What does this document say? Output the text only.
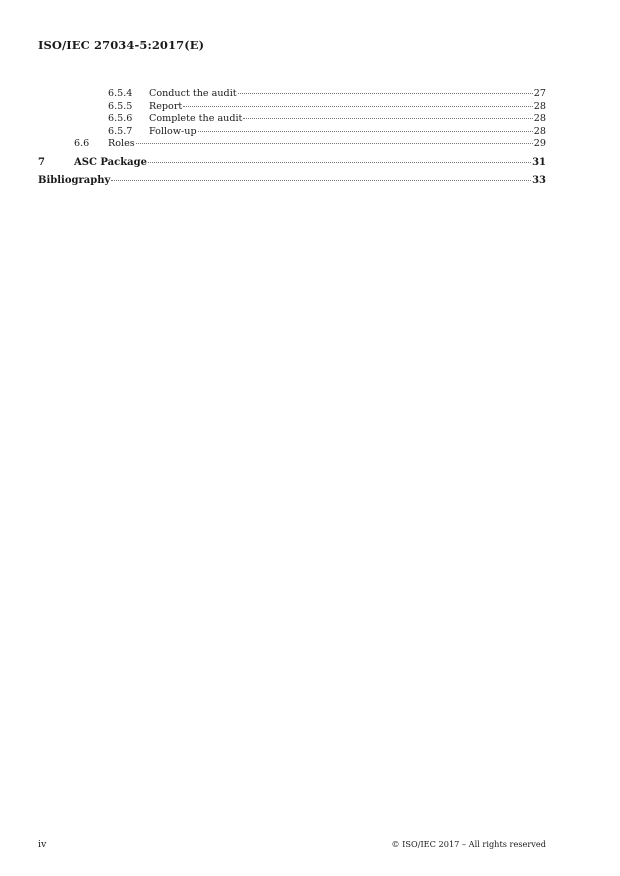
ISO/IEC 27034-5:2017(E)
6.5.4	Conduct the audit	27
6.5.5	Report	28
6.5.6	Complete the audit	28
6.5.7	Follow-up	28
6.6	Roles	29
7	ASC Package	31
Bibliography	33
iv	© ISO/IEC 2017 – All rights reserved
